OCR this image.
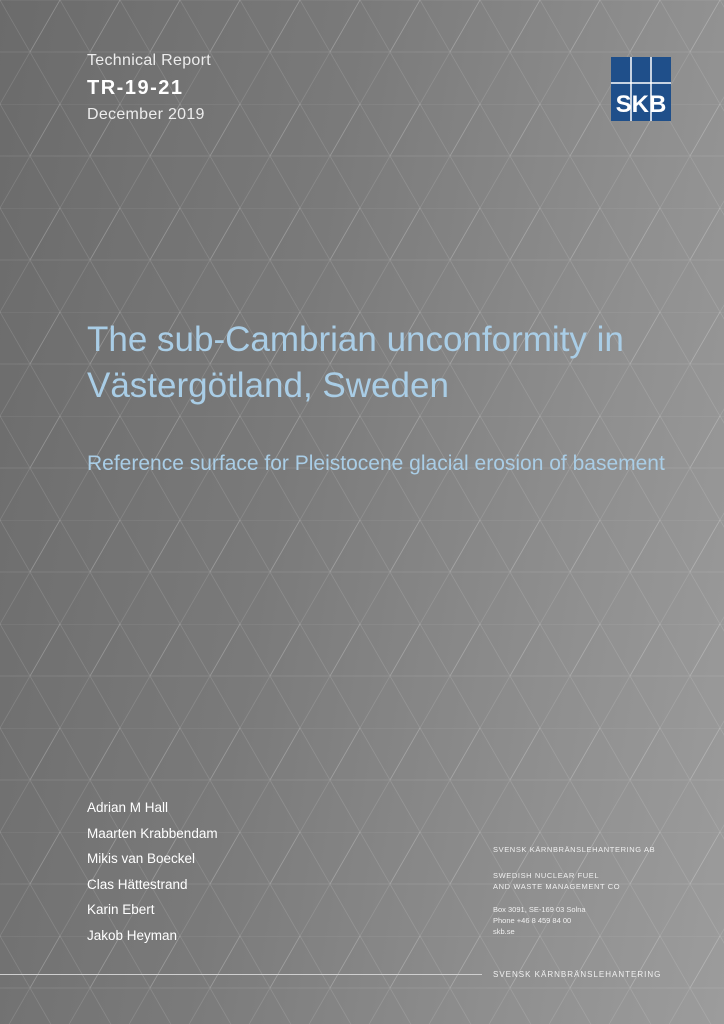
Technical Report
TR-19-21
December 2019	SKB
The sub-Cambrian unconformity in Västergötland, Sweden
Reference surface for Pleistocene glacial erosion of basement
Adrian M Hall
Maarten Krabbendam
Mikis van Boeckel
Clas Hättestrand
Karin Ebert
Jakob Heyman
SVENSK KÄRNBRÄNSLEHANTERING AB
SWEDISH NUCLEAR FUEL
AND WASTE MANAGEMENT CO
Box 3091, SE-169 03 Solna
Phone +46 8 459 84 00
skb.se
SVENSK KÄRNBRÄNSLEHANTERING
